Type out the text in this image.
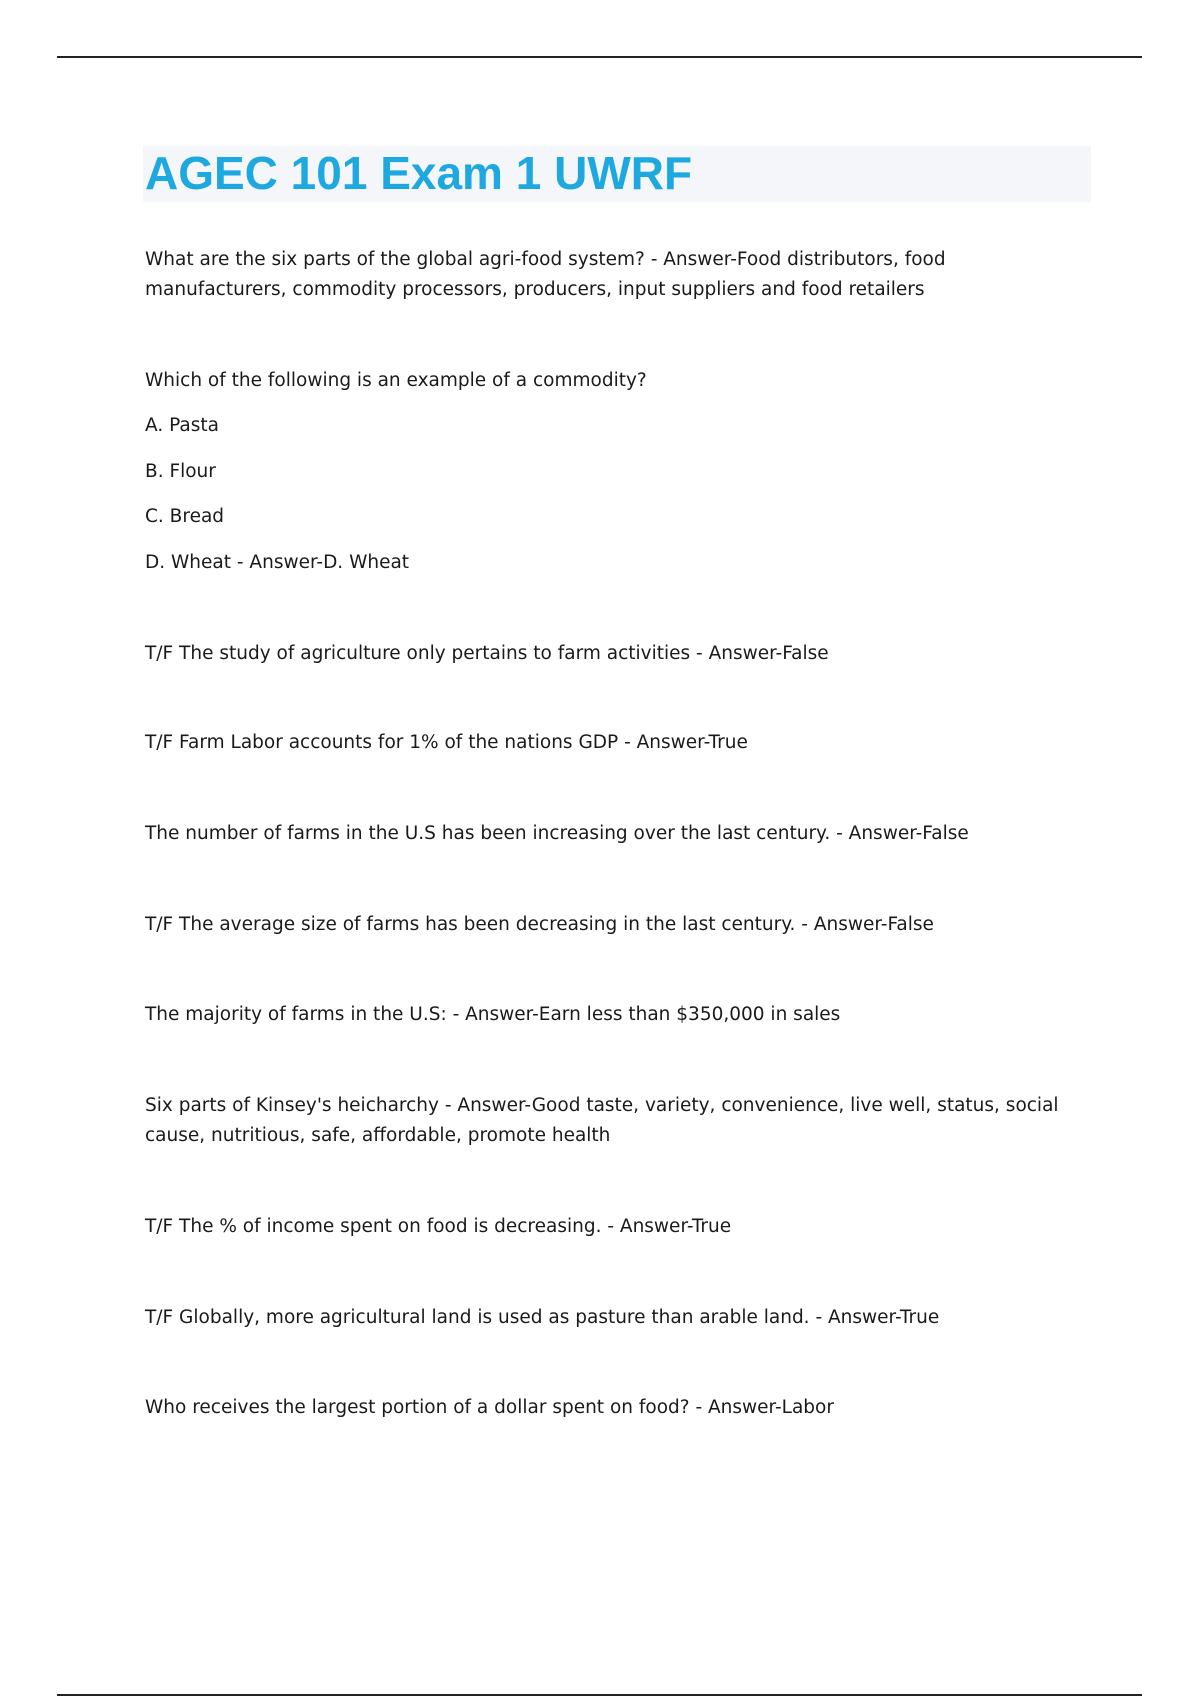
AGEC 101 Exam 1 UWRF

What are the six parts of the global agri-food system? - Answer-Food distributors, food manufacturers, commodity processors, producers, input suppliers and food retailers

Which of the following is an example of a commodity?

A. Pasta

B. Flour

C. Bread

D. Wheat - Answer-D. Wheat

T/F The study of agriculture only pertains to farm activities - Answer-False

T/F Farm Labor accounts for 1% of the nations GDP - Answer-True

The number of farms in the U.S has been increasing over the last century. - Answer-False

T/F The average size of farms has been decreasing in the last century. - Answer-False

The majority of farms in the U.S: - Answer-Earn less than $350,000 in sales

Six parts of Kinsey's heicharchy - Answer-Good taste, variety, convenience, live well, status, social cause, nutritious, safe, affordable, promote health

T/F The % of income spent on food is decreasing. - Answer-True

T/F Globally, more agricultural land is used as pasture than arable land. - Answer-True

Who receives the largest portion of a dollar spent on food? - Answer-Labor
